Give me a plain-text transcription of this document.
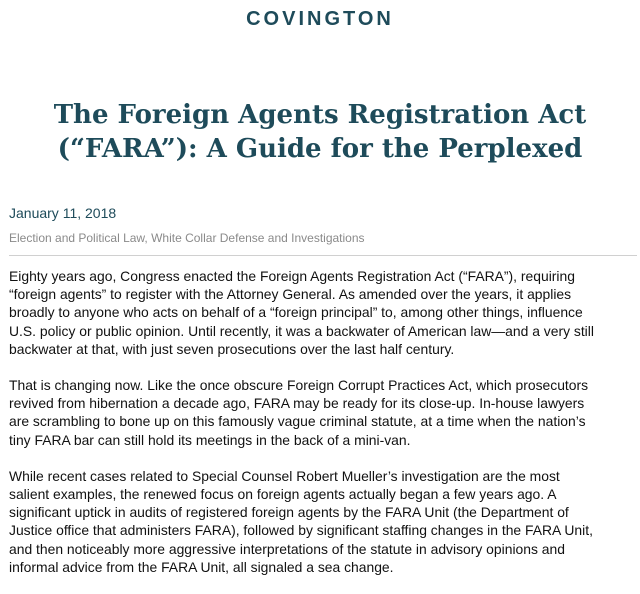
COVINGTON
The Foreign Agents Registration Act
(“FARA”): A Guide for the Perplexed
January 11, 2018
Election and Political Law, White Collar Defense and Investigations

Eighty years ago, Congress enacted the Foreign Agents Registration Act (“FARA”), requiring
“foreign agents” to register with the Attorney General. As amended over the years, it applies
broadly to anyone who acts on behalf of a “foreign principal” to, among other things, influence
U.S. policy or public opinion. Until recently, it was a backwater of American law—and a very still
backwater at that, with just seven prosecutions over the last half century.

That is changing now. Like the once obscure Foreign Corrupt Practices Act, which prosecutors
revived from hibernation a decade ago, FARA may be ready for its close-up. In-house lawyers
are scrambling to bone up on this famously vague criminal statute, at a time when the nation’s
tiny FARA bar can still hold its meetings in the back of a mini-van.

While recent cases related to Special Counsel Robert Mueller’s investigation are the most
salient examples, the renewed focus on foreign agents actually began a few years ago. A
significant uptick in audits of registered foreign agents by the FARA Unit (the Department of
Justice office that administers FARA), followed by significant staffing changes in the FARA Unit,
and then noticeably more aggressive interpretations of the statute in advisory opinions and
informal advice from the FARA Unit, all signaled a sea change.
